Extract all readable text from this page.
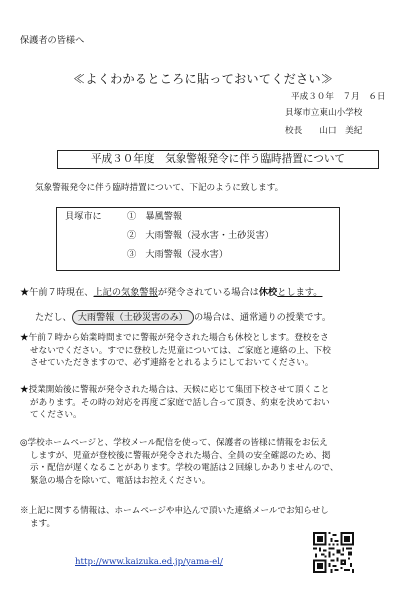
保護者の皆様へ
≪よくわかるところに貼っておいてください≫
平成３０年　７月　６日
貝塚市立東山小学校
校長　　山口　美紀
平成３０年度　気象警報発令に伴う臨時措置について
気象警報発令に伴う臨時措置について、下記のように致します。
貝塚市に	①　暴風警報
②　大雨警報（浸水害・土砂災害）
③　大雨警報（浸水害）
★午前７時現在、上記の気象警報が発令されている場合は休校とします。
ただし、 大雨警報（土砂災害のみ） の場合は、通常通りの授業です。
★午前７時から始業時間までに警報が発令された場合も休校とします。登校をさ
せないでください。すでに登校した児童については、ご家庭と連絡の上、下校
させていただきますので、必ず連絡をとれるようにしておいてください。
★授業開始後に警報が発令された場合は、天候に応じて集団下校させて頂くこと
があります。その時の対応を再度ご家庭で話し合って頂き、約束を決めておい
てください。
◎学校ホームページと、学校メール配信を使って、保護者の皆様に情報をお伝え
しますが、児童が登校後に警報が発令された場合、全員の安全確認のため、掲
示・配信が遅くなることがあります。学校の電話は２回線しかありませんので、
緊急の場合を除いて、電話はお控えください。
※上記に関する情報は、ホームページや申込んで頂いた連絡メールでお知らせし
ます。
http://www.kaizuka.ed.jp/yama-el/
